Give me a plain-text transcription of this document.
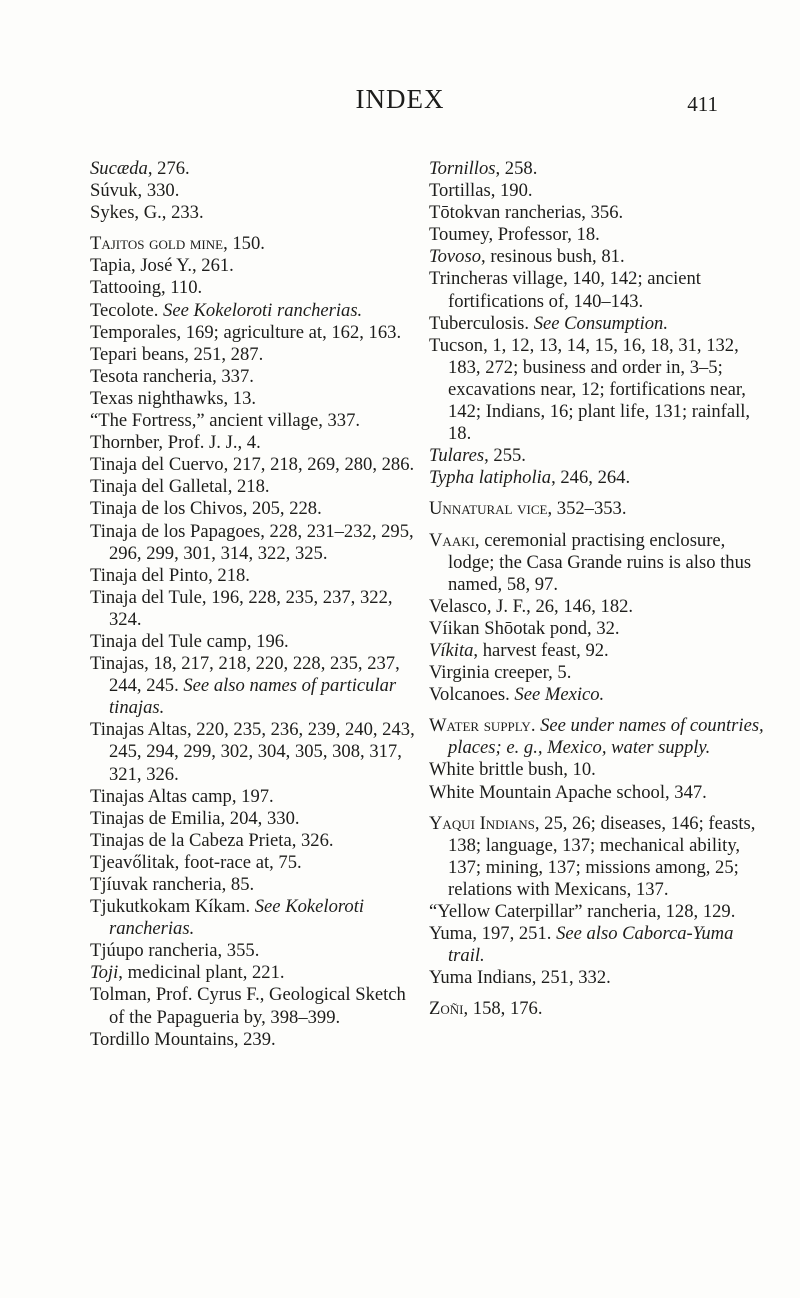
INDEX	411
Sucæda, 276.
Súvuk, 330.
Sykes, G., 233.
Tajitos gold mine, 150.
Tapia, José Y., 261.
Tattooing, 110.
Tecolote. See Kokeloroti rancherias.
Temporales, 169; agriculture at, 162, 163.
Tepari beans, 251, 287.
Tesota rancheria, 337.
Texas nighthawks, 13.
“The Fortress,” ancient village, 337.
Thornber, Prof. J. J., 4.
Tinaja del Cuervo, 217, 218, 269, 280, 286.
Tinaja del Galletal, 218.
Tinaja de los Chivos, 205, 228.
Tinaja de los Papagoes, 228, 231–232, 295, 296, 299, 301, 314, 322, 325.
Tinaja del Pinto, 218.
Tinaja del Tule, 196, 228, 235, 237, 322, 324.
Tinaja del Tule camp, 196.
Tinajas, 18, 217, 218, 220, 228, 235, 237, 244, 245. See also names of particular tinajas.
Tinajas Altas, 220, 235, 236, 239, 240, 243, 245, 294, 299, 302, 304, 305, 308, 317, 321, 326.
Tinajas Altas camp, 197.
Tinajas de Emilia, 204, 330.
Tinajas de la Cabeza Prieta, 326.
Tjeavőlitak, foot-race at, 75.
Tjíuvak rancheria, 85.
Tjukutkokam Kíkam. See Kokeloroti rancherias.
Tjúupo rancheria, 355.
Toji, medicinal plant, 221.
Tolman, Prof. Cyrus F., Geological Sketch of the Papagueria by, 398–399.
Tordillo Mountains, 239.
Tornillos, 258.
Tortillas, 190.
Tōtokvan rancherias, 356.
Toumey, Professor, 18.
Tovoso, resinous bush, 81.
Trincheras village, 140, 142; ancient fortifications of, 140–143.
Tuberculosis. See Consumption.
Tucson, 1, 12, 13, 14, 15, 16, 18, 31, 132, 183, 272; business and order in, 3–5; excavations near, 12; fortifications near, 142; Indians, 16; plant life, 131; rainfall, 18.
Tulares, 255.
Typha latipholia, 246, 264.
Unnatural vice, 352–353.
Vaaki, ceremonial practising enclosure, lodge; the Casa Grande ruins is also thus named, 58, 97.
Velasco, J. F., 26, 146, 182.
Víikan Shōotak pond, 32.
Víkita, harvest feast, 92.
Virginia creeper, 5.
Volcanoes. See Mexico.
Water supply. See under names of countries, places; e. g., Mexico, water supply.
White brittle bush, 10.
White Mountain Apache school, 347.
Yaqui Indians, 25, 26; diseases, 146; feasts, 138; language, 137; mechanical ability, 137; mining, 137; missions among, 25; relations with Mexicans, 137.
“Yellow Caterpillar” rancheria, 128, 129.
Yuma, 197, 251. See also Caborca-Yuma trail.
Yuma Indians, 251, 332.
Zoñi, 158, 176.
